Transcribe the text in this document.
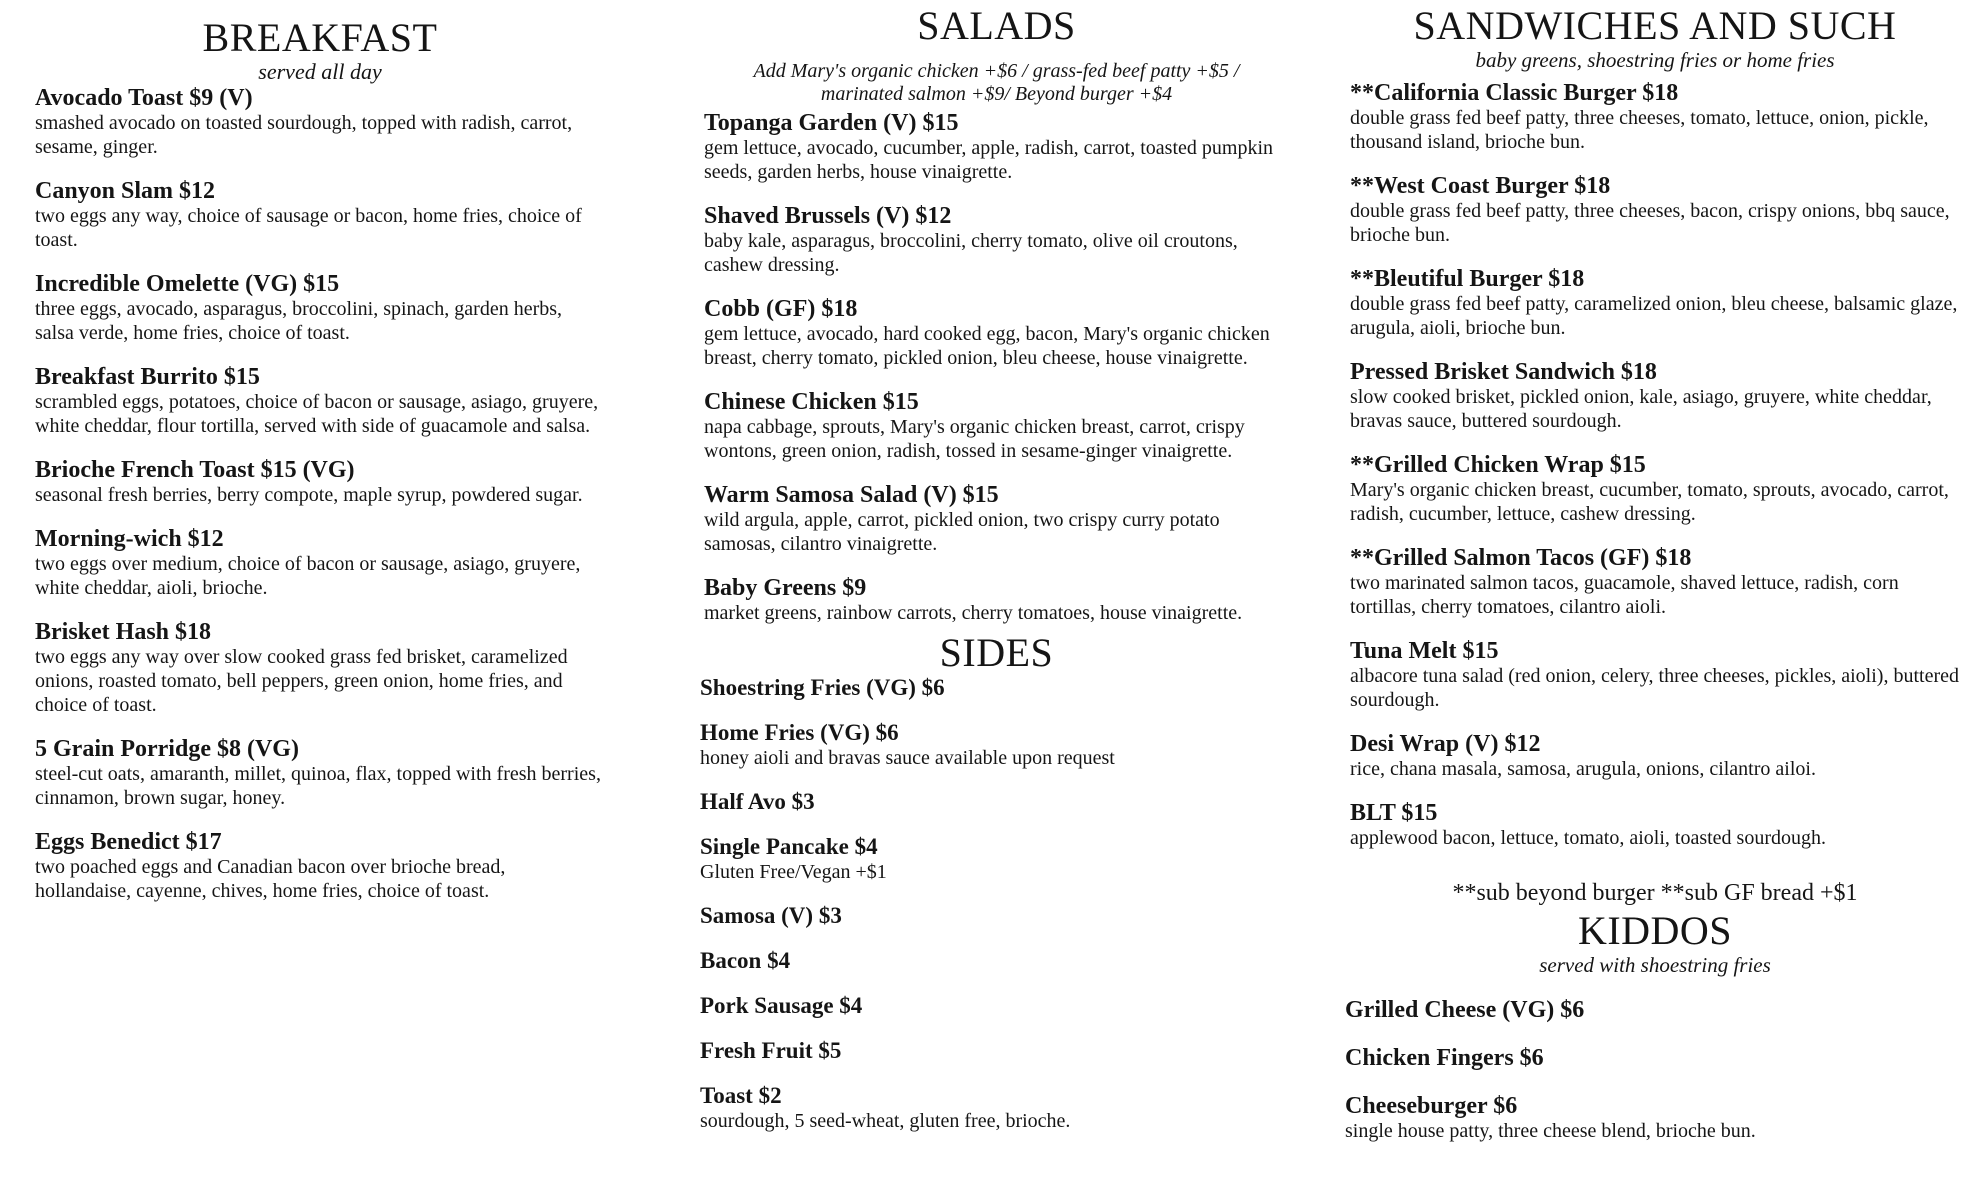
BREAKFAST

served all day

Avocado Toast $9 (V)

smashed avocado on toasted sourdough, topped with radish, carrot, sesame, ginger.

Canyon Slam $12

two eggs any way, choice of sausage or bacon, home fries, choice of toast.

Incredible Omelette (VG) $15

three eggs, avocado, asparagus, broccolini, spinach, garden herbs, salsa verde, home fries, choice of toast.

Breakfast Burrito $15

scrambled eggs, potatoes, choice of bacon or sausage, asiago, gruyere, white cheddar, flour tortilla, served with side of guacamole and salsa.

Brioche French Toast $15 (VG)

seasonal fresh berries, berry compote, maple syrup, powdered sugar.

Morning-wich $12

two eggs over medium, choice of bacon or sausage, asiago, gruyere, white cheddar, aioli, brioche.

Brisket Hash $18

two eggs any way over slow cooked grass fed brisket, caramelized onions, roasted tomato, bell peppers, green onion, home fries, and choice of toast.

5 Grain Porridge $8 (VG)

steel-cut oats, amaranth, millet, quinoa, flax, topped with fresh berries, cinnamon, brown sugar, honey.

Eggs Benedict $17

two poached eggs and Canadian bacon over brioche bread, hollandaise, cayenne, chives, home fries, choice of toast.

SALADS

Add Mary's organic chicken +$6 / grass-fed beef patty +$5 /
marinated salmon +$9/ Beyond burger +$4

Topanga Garden (V) $15

gem lettuce, avocado, cucumber, apple, radish, carrot, toasted pumpkin seeds, garden herbs, house vinaigrette.

Shaved Brussels (V) $12

baby kale, asparagus, broccolini, cherry tomato, olive oil croutons, cashew dressing.

Cobb (GF) $18

gem lettuce, avocado, hard cooked egg, bacon, Mary's organic chicken breast, cherry tomato, pickled onion, bleu cheese, house vinaigrette.

Chinese Chicken $15

napa cabbage, sprouts, Mary's organic chicken breast, carrot, crispy wontons, green onion, radish, tossed in sesame-ginger vinaigrette.

Warm Samosa Salad (V) $15

wild argula, apple, carrot, pickled onion, two crispy curry potato samosas, cilantro vinaigrette.

Baby Greens $9

market greens, rainbow carrots, cherry tomatoes, house vinaigrette.

SIDES

Shoestring Fries (VG) $6

Home Fries (VG) $6

honey aioli and bravas sauce available upon request

Half Avo $3

Single Pancake $4

Gluten Free/Vegan +$1

Samosa (V) $3

Bacon $4

Pork Sausage $4

Fresh Fruit $5

Toast $2

sourdough, 5 seed-wheat, gluten free, brioche.

SANDWICHES AND SUCH

baby greens, shoestring fries or home fries

**California Classic Burger $18

double grass fed beef patty, three cheeses, tomato, lettuce, onion, pickle, thousand island, brioche bun.

**West Coast Burger $18

double grass fed beef patty, three cheeses, bacon, crispy onions, bbq sauce, brioche bun.

**Bleutiful Burger $18

double grass fed beef patty, caramelized onion, bleu cheese, balsamic glaze, arugula, aioli, brioche bun.

Pressed Brisket Sandwich $18

slow cooked brisket, pickled onion, kale, asiago, gruyere, white cheddar, bravas sauce, buttered sourdough.

**Grilled Chicken Wrap $15

Mary's organic chicken breast, cucumber, tomato, sprouts, avocado, carrot, radish, cucumber, lettuce, cashew dressing.

**Grilled Salmon Tacos (GF) $18

two marinated salmon tacos, guacamole, shaved lettuce, radish, corn tortillas, cherry tomatoes, cilantro aioli.

Tuna Melt $15

albacore tuna salad (red onion, celery, three cheeses, pickles, aioli), buttered sourdough.

Desi Wrap (V) $12

rice, chana masala, samosa, arugula, onions, cilantro ailoi.

BLT $15

applewood bacon, lettuce, tomato, aioli, toasted sourdough.

**sub beyond burger **sub GF bread +$1

KIDDOS

served with shoestring fries

Grilled Cheese (VG) $6

Chicken Fingers $6

Cheeseburger $6

single house patty, three cheese blend, brioche bun.
